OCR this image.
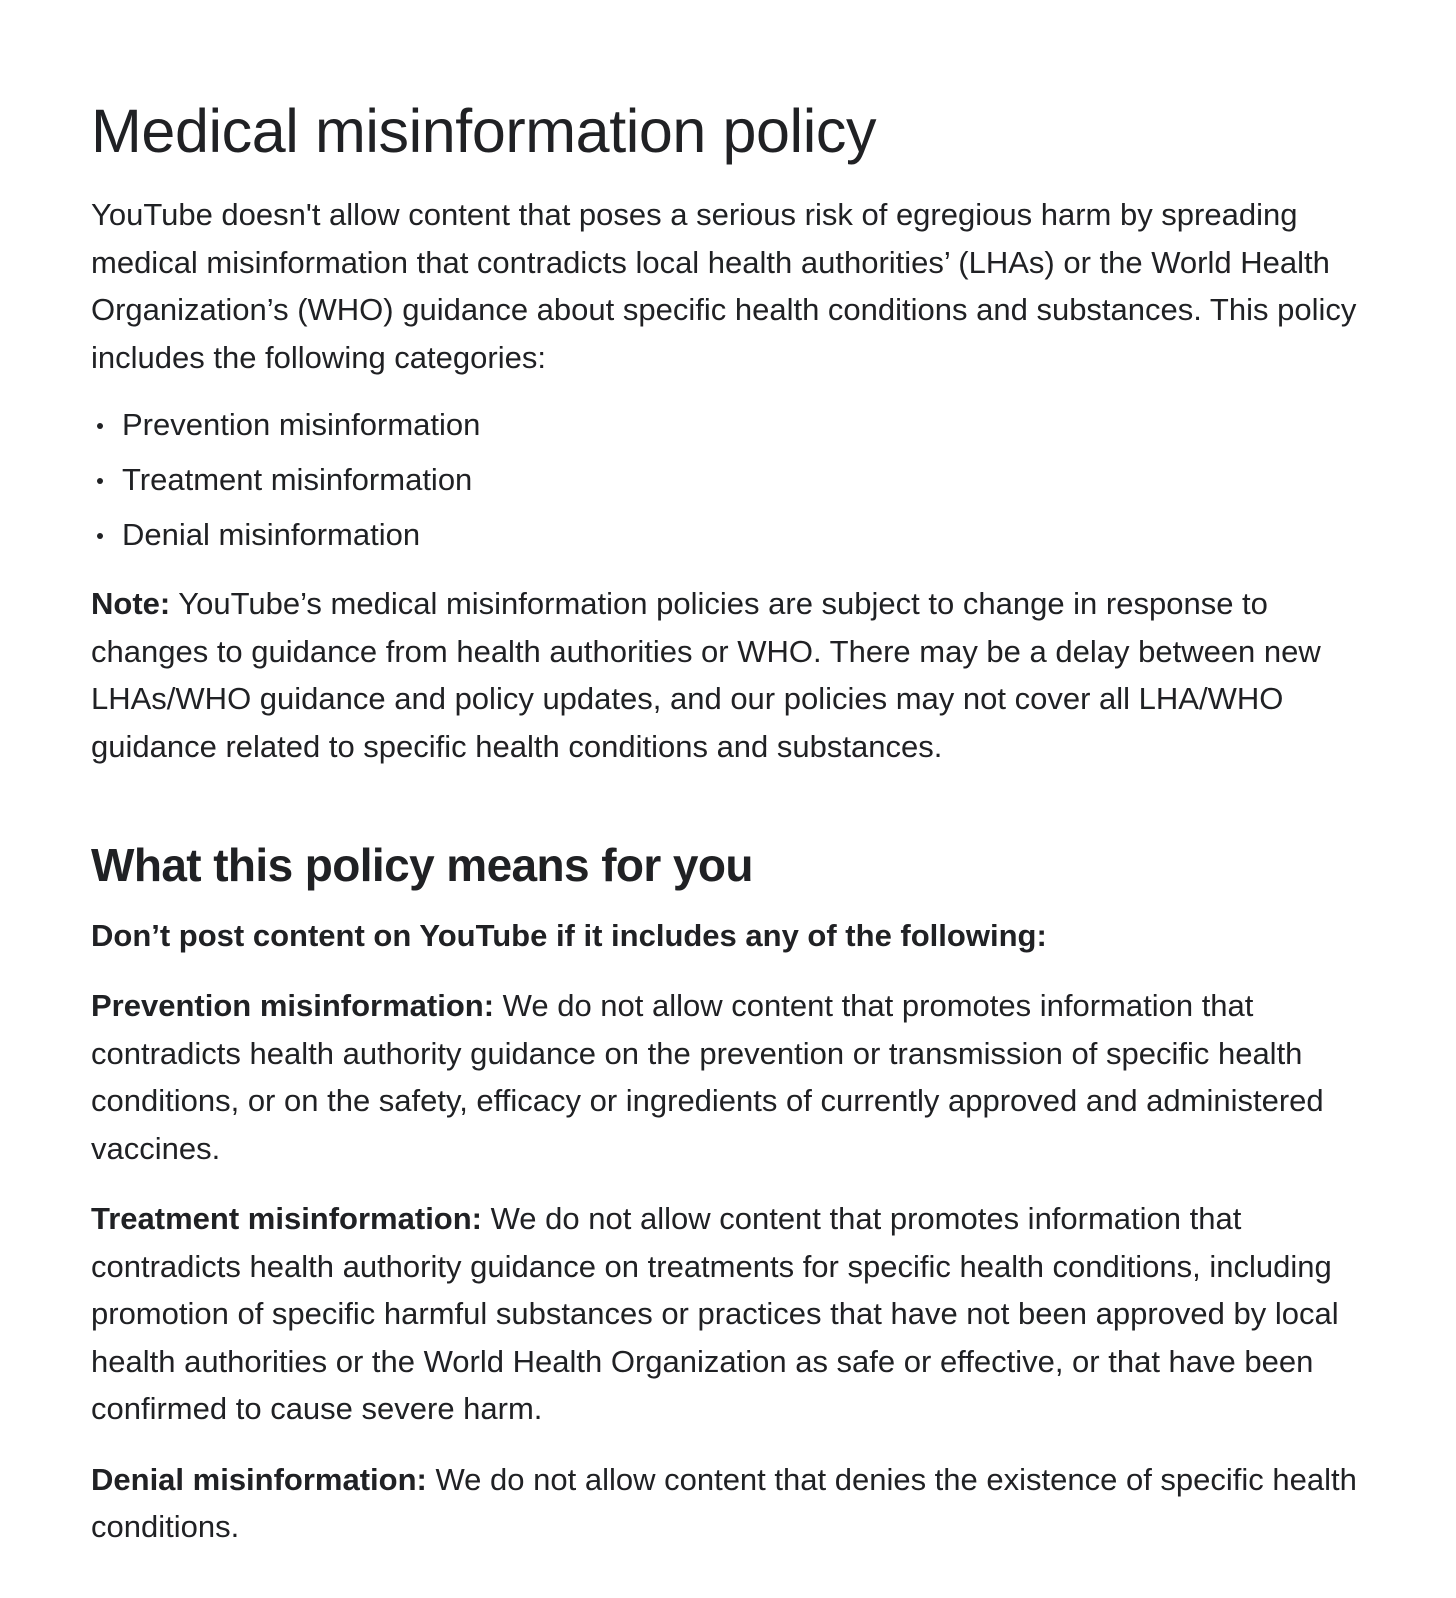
Medical misinformation policy

YouTube doesn't allow content that poses a serious risk of egregious harm by spreading medical misinformation that contradicts local health authorities’ (LHAs) or the World Health Organization’s (WHO) guidance about specific health conditions and substances. This policy includes the following categories:

Prevention misinformation
Treatment misinformation
Denial misinformation

Note: YouTube’s medical misinformation policies are subject to change in response to changes to guidance from health authorities or WHO. There may be a delay between new LHAs/WHO guidance and policy updates, and our policies may not cover all LHA/WHO guidance related to specific health conditions and substances.

What this policy means for you

Don’t post content on YouTube if it includes any of the following:

Prevention misinformation: We do not allow content that promotes information that contradicts health authority guidance on the prevention or transmission of specific health conditions, or on the safety, efficacy or ingredients of currently approved and administered vaccines.

Treatment misinformation: We do not allow content that promotes information that contradicts health authority guidance on treatments for specific health conditions, including promotion of specific harmful substances or practices that have not been approved by local health authorities or the World Health Organization as safe or effective, or that have been confirmed to cause severe harm.

Denial misinformation: We do not allow content that denies the existence of specific health conditions.
